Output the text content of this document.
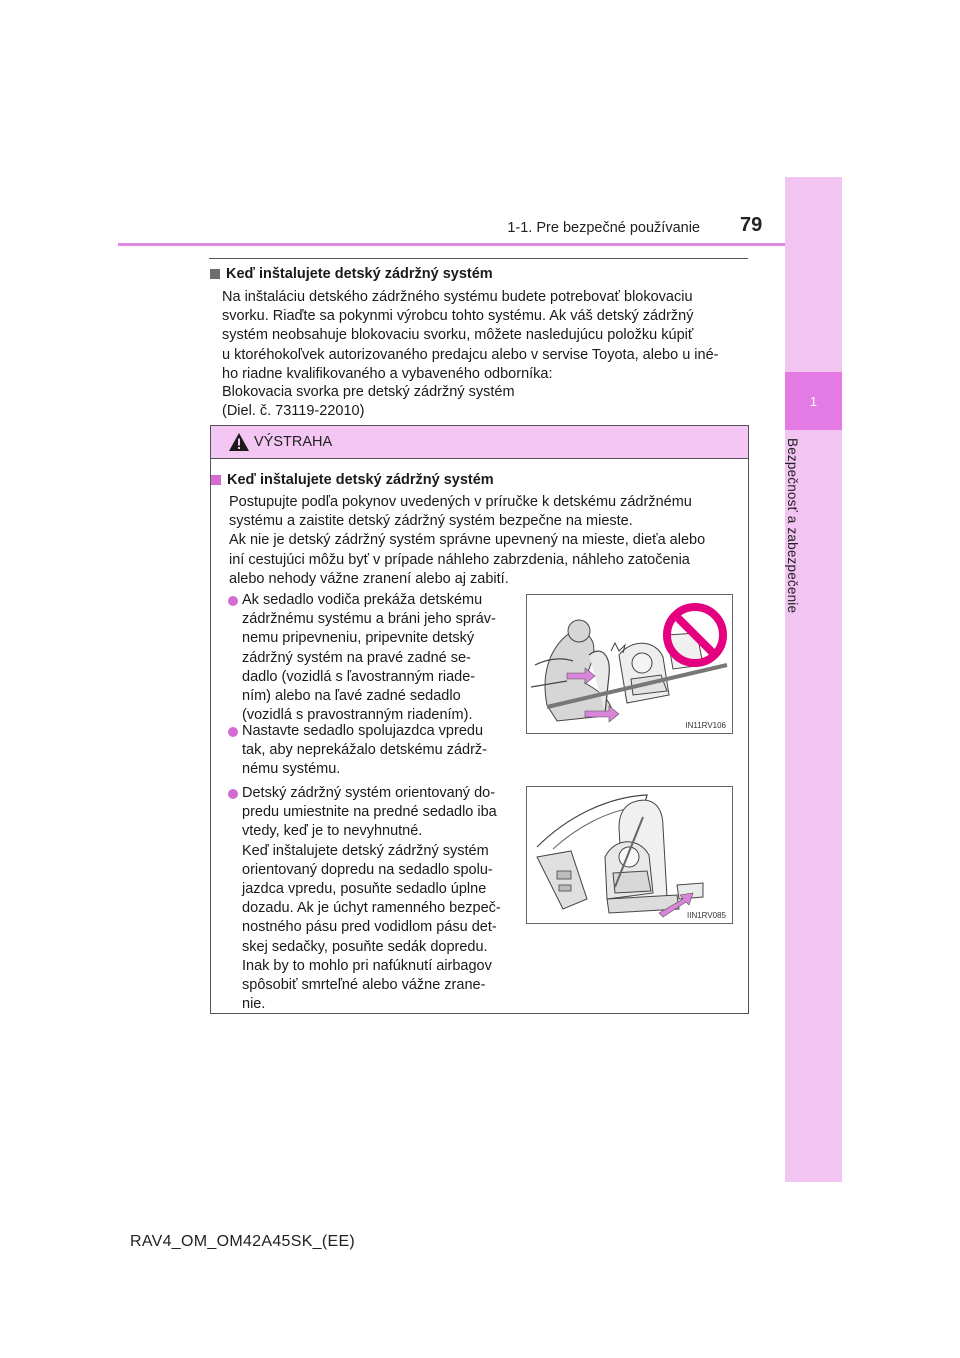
1
Bezpečnosť a zabezpečenie
1-1. Pre bezpečné používanie 79
Keď inštalujete detský zádržný systém
Na inštaláciu detského zádržného systému budete potrebovať blokovaciu
svorku. Riaďte sa pokynmi výrobcu tohto systému. Ak váš detský zádržný
systém neobsahuje blokovaciu svorku, môžete nasledujúcu položku kúpiť
u ktoréhokoľvek autorizovaného predajcu alebo v servise Toyota, alebo u iné-
ho riadne kvalifikovaného a vybaveného odborníka:
Blokovacia svorka pre detský zádržný systém
(Diel. č. 73119-22010)
VÝSTRAHA
Keď inštalujete detský zádržný systém
Postupujte podľa pokynov uvedených v príručke k detskému zádržnému
systému a zaistite detský zádržný systém bezpečne na mieste.
Ak nie je detský zádržný systém správne upevnený na mieste, dieťa alebo
iní cestujúci môžu byť v prípade náhleho zabrzdenia, náhleho zatočenia
alebo nehody vážne zranení alebo aj zabití.
Ak sedadlo vodiča prekáža detskému
zádržnému systému a bráni jeho správ-
nemu pripevneniu, pripevnite detský
zádržný systém na pravé zadné se-
dadlo (vozidlá s ľavostranným riade-
ním) alebo na ľavé zadné sedadlo
(vozidlá s pravostranným riadením).
Nastavte sedadlo spolujazdca vpredu
tak, aby neprekážalo detskému zádrž-
nému systému.
Detský zádržný systém orientovaný do-
predu umiestnite na predné sedadlo iba
vtedy, keď je to nevyhnutné.
Keď inštalujete detský zádržný systém
orientovaný dopredu na sedadlo spolu-
jazdca vpredu, posuňte sedadlo úplne
dozadu. Ak je úchyt ramenného bezpeč-
nostného pásu pred vodidlom pásu det-
skej sedačky, posuňte sedák dopredu.
Inak by to mohlo pri nafúknutí airbagov
spôsobiť smrteľné alebo vážne zrane-
nie.
IN11RV106
IIN1RV085
RAV4_OM_OM42A45SK_(EE)
